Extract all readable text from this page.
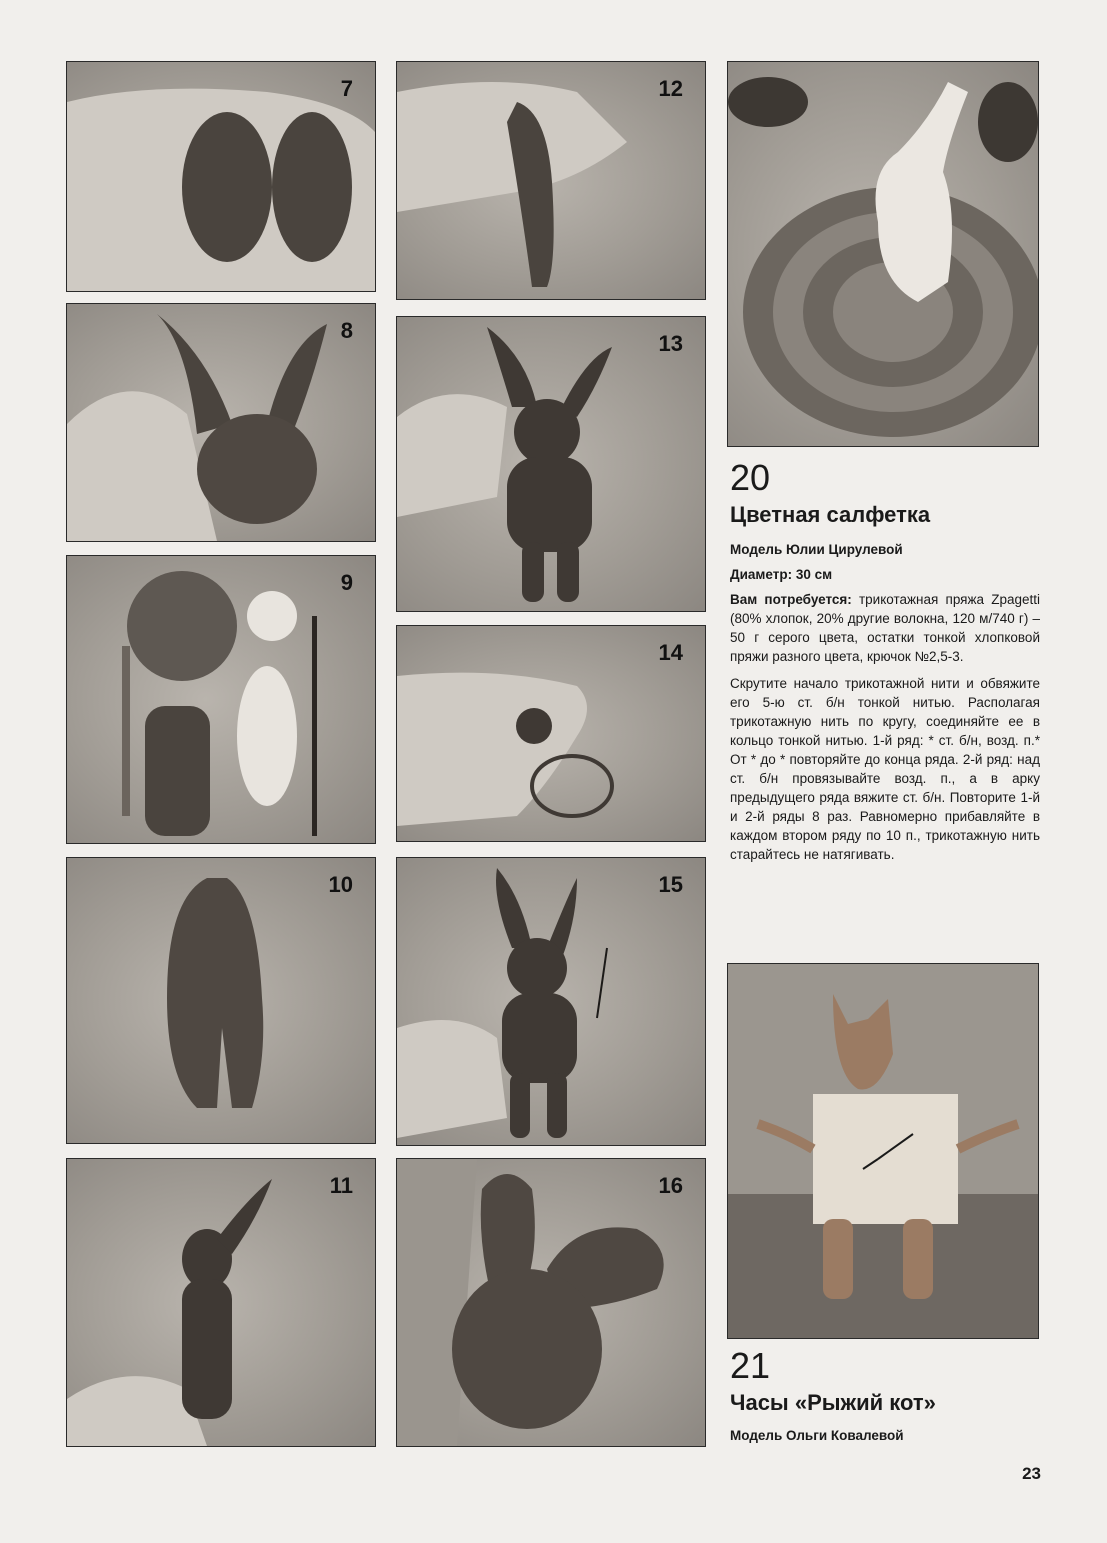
7
8
9
10
11
12
13
14
15
16
20
Цветная салфетка
Модель Юлии Цирулевой
Диаметр: 30 см
Вам потребуется: трикотажная пряжа Zpagetti (80% хлопок, 20% другие волокна, 120 м/740 г) – 50 г серого цвета, остатки тонкой хлопковой пряжи разного цвета, крючок №2,5-3.
Скрутите начало трикотажной нити и обвяжите его 5-ю ст. б/н тонкой нитью. Располагая трикотажную нить по кругу, соединяйте ее в кольцо тонкой нитью. 1-й ряд: * ст. б/н, возд. п.* От * до * повторяйте до конца ряда. 2-й ряд: над ст. б/н провязывайте возд. п., а в арку предыдущего ряда вяжите ст. б/н. Повторите 1-й и 2-й ряды 8 раз. Равномерно прибавляйте в каждом втором ряду по 10 п., трикотажную нить старайтесь не натягивать.
21
Часы «Рыжий кот»
Модель Ольги Ковалевой
23
